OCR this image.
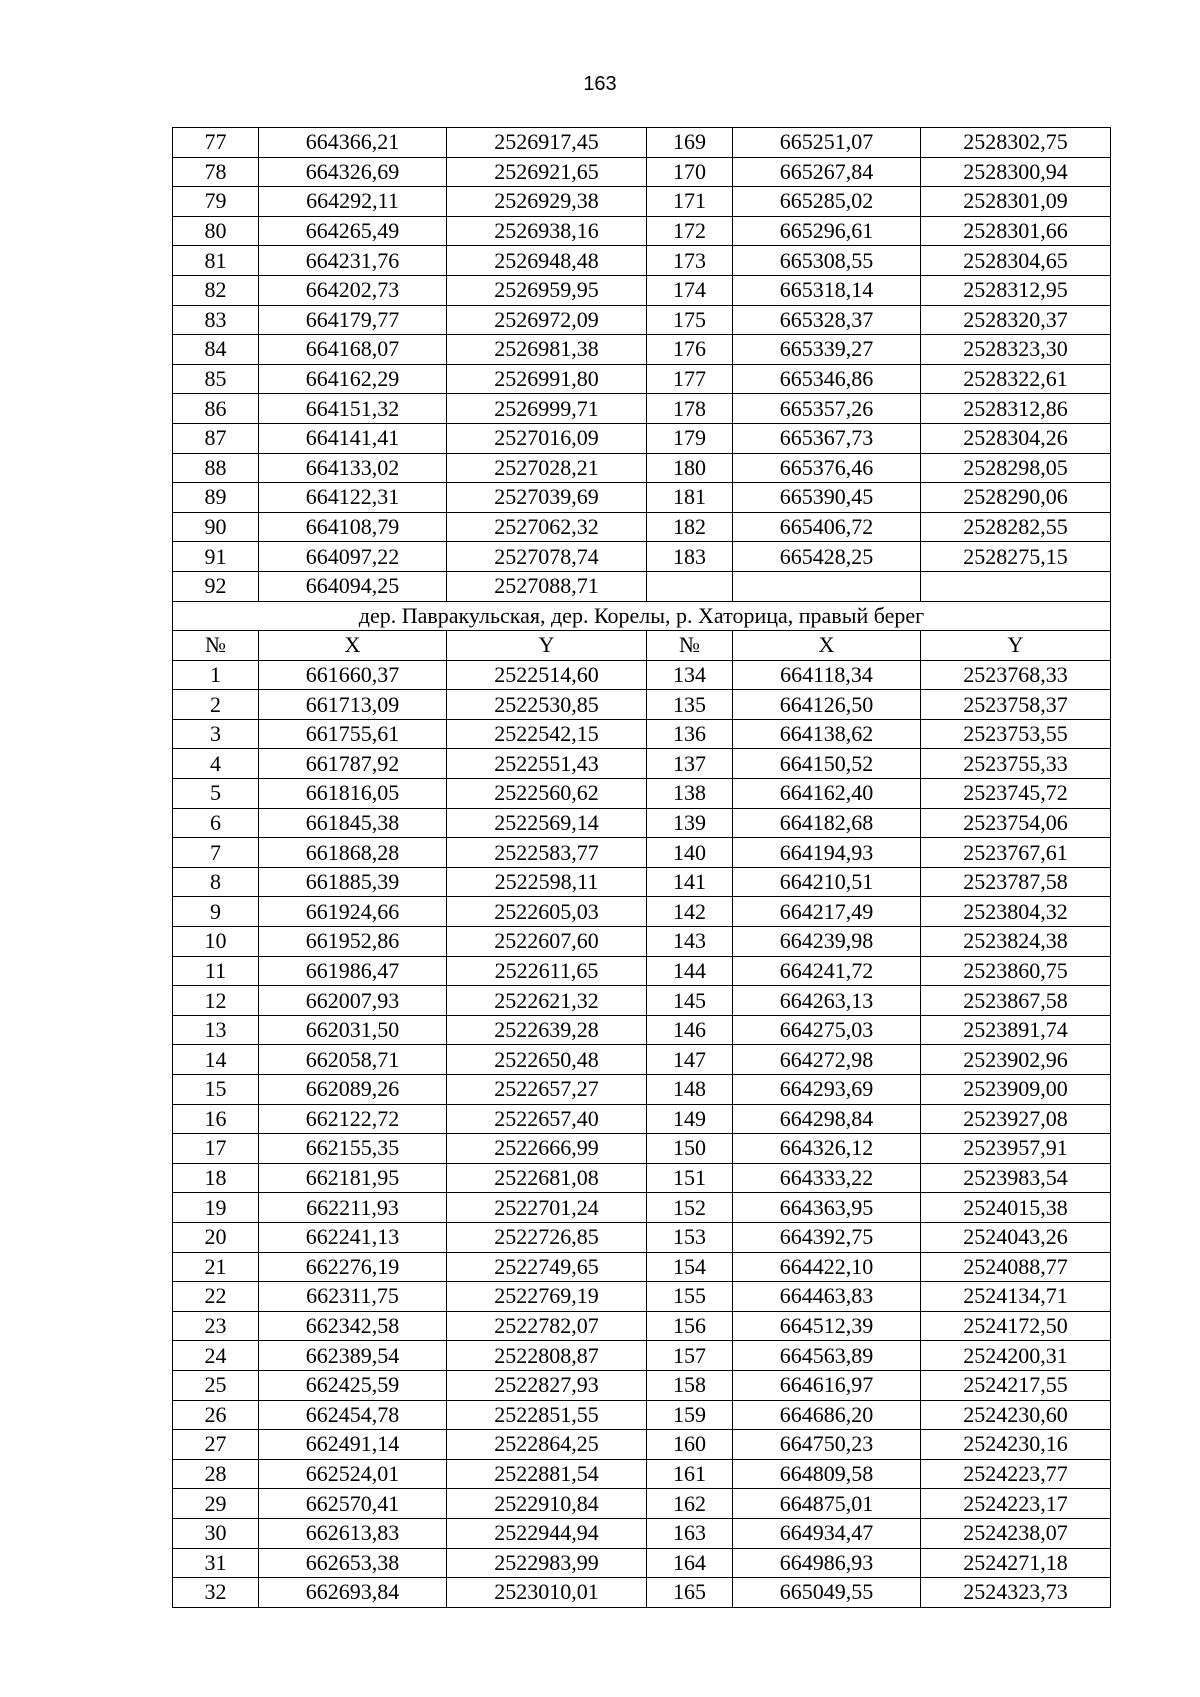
163
77	664366,21	2526917,45	169	665251,07	2528302,75
78	664326,69	2526921,65	170	665267,84	2528300,94
79	664292,11	2526929,38	171	665285,02	2528301,09
80	664265,49	2526938,16	172	665296,61	2528301,66
81	664231,76	2526948,48	173	665308,55	2528304,65
82	664202,73	2526959,95	174	665318,14	2528312,95
83	664179,77	2526972,09	175	665328,37	2528320,37
84	664168,07	2526981,38	176	665339,27	2528323,30
85	664162,29	2526991,80	177	665346,86	2528322,61
86	664151,32	2526999,71	178	665357,26	2528312,86
87	664141,41	2527016,09	179	665367,73	2528304,26
88	664133,02	2527028,21	180	665376,46	2528298,05
89	664122,31	2527039,69	181	665390,45	2528290,06
90	664108,79	2527062,32	182	665406,72	2528282,55
91	664097,22	2527078,74	183	665428,25	2528275,15
92	664094,25	2527088,71			
дер. Павракульская, дер. Корелы, р. Хаторица, правый берег					
№	X	Y	№	X	Y
1	661660,37	2522514,60	134	664118,34	2523768,33
2	661713,09	2522530,85	135	664126,50	2523758,37
3	661755,61	2522542,15	136	664138,62	2523753,55
4	661787,92	2522551,43	137	664150,52	2523755,33
5	661816,05	2522560,62	138	664162,40	2523745,72
6	661845,38	2522569,14	139	664182,68	2523754,06
7	661868,28	2522583,77	140	664194,93	2523767,61
8	661885,39	2522598,11	141	664210,51	2523787,58
9	661924,66	2522605,03	142	664217,49	2523804,32
10	661952,86	2522607,60	143	664239,98	2523824,38
11	661986,47	2522611,65	144	664241,72	2523860,75
12	662007,93	2522621,32	145	664263,13	2523867,58
13	662031,50	2522639,28	146	664275,03	2523891,74
14	662058,71	2522650,48	147	664272,98	2523902,96
15	662089,26	2522657,27	148	664293,69	2523909,00
16	662122,72	2522657,40	149	664298,84	2523927,08
17	662155,35	2522666,99	150	664326,12	2523957,91
18	662181,95	2522681,08	151	664333,22	2523983,54
19	662211,93	2522701,24	152	664363,95	2524015,38
20	662241,13	2522726,85	153	664392,75	2524043,26
21	662276,19	2522749,65	154	664422,10	2524088,77
22	662311,75	2522769,19	155	664463,83	2524134,71
23	662342,58	2522782,07	156	664512,39	2524172,50
24	662389,54	2522808,87	157	664563,89	2524200,31
25	662425,59	2522827,93	158	664616,97	2524217,55
26	662454,78	2522851,55	159	664686,20	2524230,60
27	662491,14	2522864,25	160	664750,23	2524230,16
28	662524,01	2522881,54	161	664809,58	2524223,77
29	662570,41	2522910,84	162	664875,01	2524223,17
30	662613,83	2522944,94	163	664934,47	2524238,07
31	662653,38	2522983,99	164	664986,93	2524271,18
32	662693,84	2523010,01	165	665049,55	2524323,73
